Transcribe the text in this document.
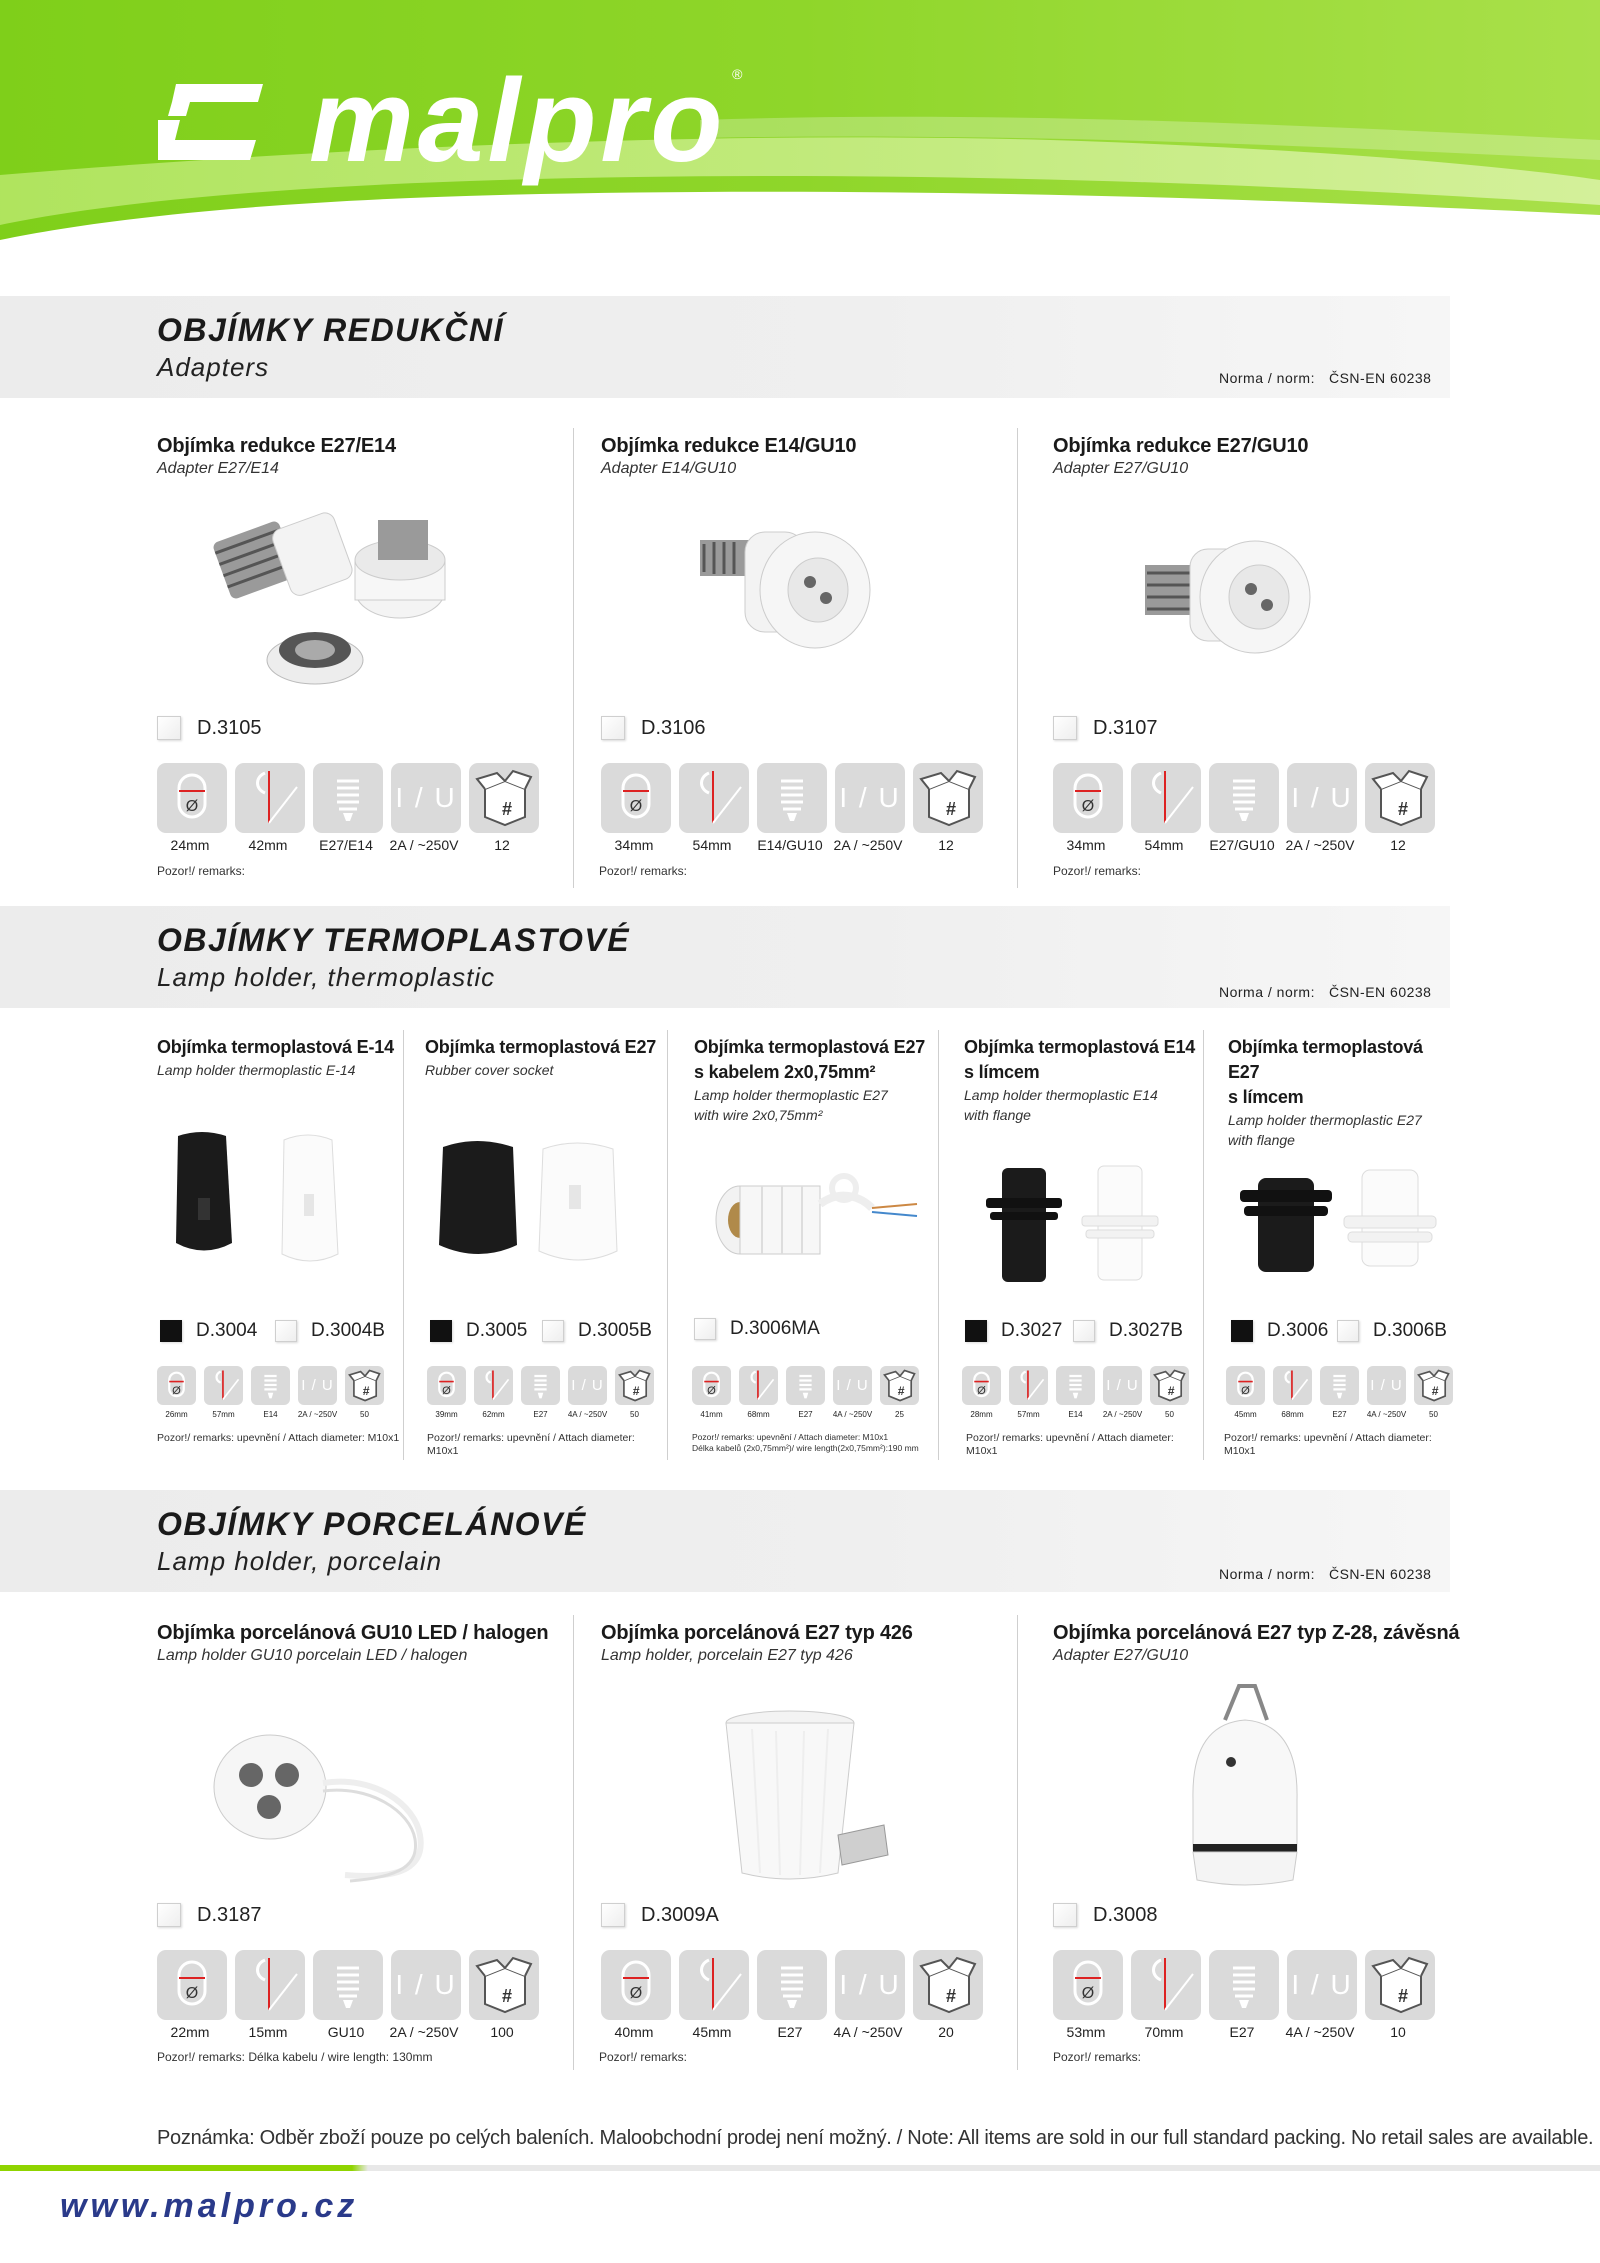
malpro ®
OBJÍMKY REDUKČNÍ
Adapters	Norma / norm: ČSN-EN 60238
Objímka redukce E27/E14
Adapter E27/E14
D.3105
Ø	I / U	#
24mm	42mm	E27/E14	2A / ~250V	12
Pozor!/ remarks:
Objímka redukce E14/GU10
Adapter E14/GU10
D.3106
Ø	I / U	#
34mm	54mm	E14/GU10 2A / ~250V	12
Pozor!/ remarks:
Objímka redukce E27/GU10
Adapter E27/GU10
D.3107
Ø	I / U	#
34mm	54mm	E27/GU10 2A / ~250V	12
Pozor!/ remarks:
OBJÍMKY TERMOPLASTOVÉ
Lamp holder, thermoplastic	Norma / norm: ČSN-EN 60238
Objímka termoplastová E-14
Lamp holder thermoplastic E-14
D.3004	D.3004B
Ø	I / U #
26mm	57mm	E14	2A / ~250V	50
Pozor!/ remarks: upevnění / Attach diameter: M10x1
Objímka termoplastová E27
Rubber cover socket
D.3005	D.3005B
Ø	I / U #
39mm	62mm	E27	4A / ~250V	50
Pozor!/ remarks: upevnění / Attach diameter: M10x1
Objímka termoplastová E27
s kabelem 2x0,75mm²
Lamp holder thermoplastic E27
with wire 2x0,75mm²
D.3006MA
Ø	I / U #
41mm	68mm	E27	4A / ~250V	25
Pozor!/ remarks: upevnění / Attach diameter: M10x1
Délka kabelů (2x0,75mm²)/ wire length(2x0,75mm²):190 mm
Objímka termoplastová E14
s límcem
Lamp holder thermoplastic E14
with flange
D.3027 D.3027B
Ø	I / U #
28mm	57mm	E14	2A / ~250V	50
Pozor!/ remarks: upevnění / Attach diameter: M10x1
Objímka termoplastová E27
s límcem
Lamp holder thermoplastic E27
with flange
D.3006 D.3006B
Ø	I / U #
45mm	68mm	E27	4A / ~250V	50
Pozor!/ remarks: upevnění / Attach diameter: M10x1
OBJÍMKY PORCELÁNOVÉ
Lamp holder, porcelain	Norma / norm: ČSN-EN 60238
Objímka porcelánová GU10 LED / halogen
Lamp holder GU10 porcelain LED / halogen
D.3187
Ø	I / U	#
22mm	15mm	GU10	2A / ~250V	100
Pozor!/ remarks: Délka kabelu / wire length: 130mm
Objímka porcelánová E27 typ 426
Lamp holder, porcelain E27 typ 426
D.3009A
Ø	I / U	#
40mm	45mm	E27	4A / ~250V	20
Pozor!/ remarks:
Objímka porcelánová E27 typ Z-28, závěsná
Adapter E27/GU10
D.3008
Ø	I / U	#
53mm	70mm	E27	4A / ~250V	10
Pozor!/ remarks:
Poznámka: Odběr zboží pouze po celých baleních. Maloobchodní prodej není možný. / Note: All items are sold in our full standard packing. No retail sales are available.
www.malpro.cz
